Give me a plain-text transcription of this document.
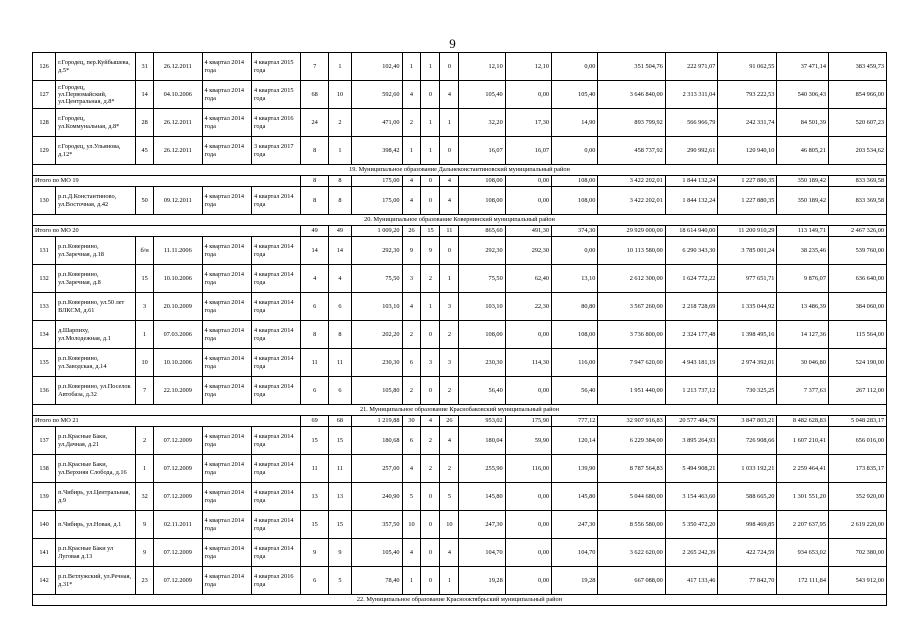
9
126	г.Городец, пер.Куйбышева, д.5*	31	26.12.2011	4 квартал 2014 года	4 квартал 2015 года	7	1	102,40	1	1	0	12,10	12,10	0,00	351 504,76	222 971,07	91 062,55	37 471,14	383 459,73
127	г.Городец, ул.Первомайский, ул.Центральная, д.8*	14	04.10.2006	4 квартал 2014 года	4 квартал 2015 года	68	10	592,60	4	0	4	105,40	0,00	105,40	3 646 840,00	2 313 311,04	793 222,53	540 306,43	854 966,00
128	г.Городец, ул.Коммунальная, д.8*	28	26.12.2011	4 квартал 2014 года	4 квартал 2016 года	24	2	471,00	2	1	1	32,20	17,30	14,90	893 799,92	566 966,79	242 331,74	84 501,39	520 607,23
129	г.Городец, ул.Ульянова, д.12*	45	26.12.2011	4 квартал 2014 года	3 квартал 2017 года	8	1	398,42	1	1	0	16,07	16,07	0,00	458 737,92	290 992,61	120 940,10	46 805,21	203 534,62
19. Муниципальное образование Дальнеконстантиновский муниципальный район																			
Итого по МО 19						8	8	175,00	4	0	4	108,00	0,00	108,00	3 422 202,01	1 844 132,24	1 227 880,35	350 189,42	833 369,58
130	р.п.Д.Константиново, ул.Восточная, д.42	50	09.12.2011	4 квартал 2014 года	4 квартал 2014 года	8	8	175,00	4	0	4	108,00	0,00	108,00	3 422 202,01	1 844 132,24	1 227 880,35	350 189,42	833 369,58
20. Муниципальное образование Ковернинский муниципальный район																			
Итого по МО 20						49	49	1 009,20	26	15	11	865,60	491,30	374,30	29 929 000,00	18 614 940,00	11 200 910,29	113 149,71	2 467 326,00
131	р.п.Ковернино, ул.Заречная, д.18	б/н	11.11.2006	4 квартал 2014 года	4 квартал 2014 года	14	14	292,30	9	9	0	292,30	292,30	0,00	10 113 580,00	6 290 343,30	3 785 001,24	38 235,46	539 760,00
132	р.п.Ковернино, ул.Заречная, д.8	15	10.10.2006	4 квартал 2014 года	4 квартал 2014 года	4	4	75,50	3	2	1	75,50	62,40	13,10	2 612 300,00	1 624 772,22	977 651,71	9 876,07	636 640,00
133	р.п.Ковернино, ул.50 лет ВЛКСМ, д.61	3	20.10.2009	4 квартал 2014 года	4 квартал 2014 года	6	6	103,10	4	1	3	103,10	22,30	80,80	3 567 260,00	2 218 728,69	1 335 044,92	13 486,39	384 060,00
134	д.Шарпиху, ул.Молодежная, д.1	1	07.03.2006	4 квартал 2014 года	4 квартал 2014 года	8	8	202,20	2	0	2	108,00	0,00	108,00	3 736 800,00	2 324 177,48	1 398 495,16	14 127,36	115 564,00
135	р.п.Ковернино, ул.Заводская, д.14	10	10.10.2006	4 квартал 2014 года	4 квартал 2014 года	11	11	230,30	6	3	3	230,30	114,30	116,00	7 947 620,00	4 943 181,19	2 974 392,01	30 046,80	524 190,00
136	р.п.Ковернино, ул.Поселок Автобаза, д.32	7	22.10.2009	4 квартал 2014 года	4 квартал 2014 года	6	6	105,80	2	0	2	56,40	0,00	56,40	1 951 440,00	1 213 737,12	730 325,25	7 377,63	267 112,00
21. Муниципальное образование Краснобаковский муниципальный район																			
Итого по МО 21						69	68	1 219,88	30	4	26	953,02	175,90	777,12	32 907 916,83	20 577 484,79	3 847 803,21	8 482 628,83	5 048 283,17
137	р.п.Красные Баки, ул.Дачная, д.21	2	07.12.2009	4 квартал 2014 года	4 квартал 2014 года	15	15	180,68	6	2	4	180,04	59,90	120,14	6 229 384,00	3 895 264,93	726 908,66	1 607 210,41	656 016,00
138	р.п.Красные Баки, ул.Верхняя Слобода, д.16	1	07.12.2009	4 квартал 2014 года	4 квартал 2014 года	11	11	257,00	4	2	2	255,90	116,00	139,90	8 787 564,83	5 494 908,21	1 033 192,21	2 259 464,41	173 835,17
139	п.Чибирь, ул.Центральная, д.9	32	07.12.2009	4 квартал 2014 года	4 квартал 2014 года	13	13	240,90	5	0	5	145,80	0,00	145,80	5 044 680,00	3 154 463,60	588 665,20	1 301 551,20	352 920,00
140	п.Чибирь, ул.Новая, д.1	9	02.11.2011	4 квартал 2014 года	4 квартал 2014 года	15	15	357,50	10	0	10	247,30	0,00	247,30	8 556 580,00	5 350 472,20	998 469,85	2 207 637,95	2 619 220,00
141	р.п.Красные Баки ул Луговая д.13	9	07.12.2009	4 квартал 2014 года	4 квартал 2014 года	9	9	105,40	4	0	4	104,70	0,00	104,70	3 622 620,00	2 265 242,39	422 724,59	934 653,02	702 380,00
142	р.п.Ветлужский, ул.Речная, д.31*	23	07.12.2009	4 квартал 2014 года	4 квартал 2016 года	6	5	78,40	1	0	1	19,28	0,00	19,28	667 088,00	417 133,46	77 842,70	172 111,84	543 912,00
22. Муниципальное образование Краснооктябрьский муниципальный район																			
